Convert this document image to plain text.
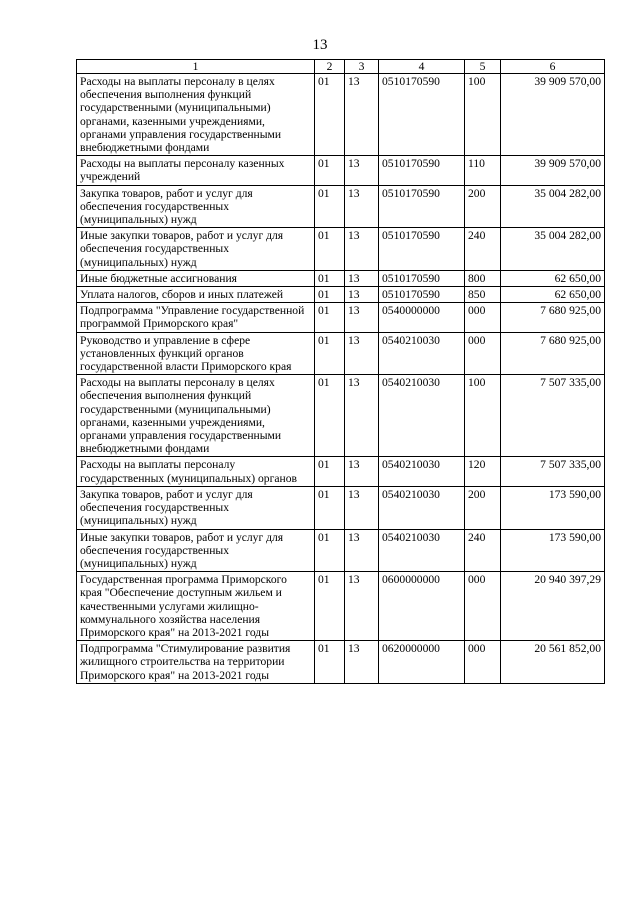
13
1	2	3	4	5	6
Расходы на выплаты персоналу в целях обеспечения выполнения функций государственными (муниципальными) органами, казенными учреждениями, органами управления государственными внебюджетными фондами	01	13	0510170590	100	39 909 570,00
Расходы на выплаты персоналу казенных учреждений	01	13	0510170590	110	39 909 570,00
Закупка товаров, работ и услуг для обеспечения государственных (муниципальных) нужд	01	13	0510170590	200	35 004 282,00
Иные закупки товаров, работ и услуг для обеспечения государственных (муниципальных) нужд	01	13	0510170590	240	35 004 282,00
Иные бюджетные ассигнования	01	13	0510170590	800	62 650,00
Уплата налогов, сборов и иных платежей	01	13	0510170590	850	62 650,00
Подпрограмма "Управление государственной программой Приморского края"	01	13	0540000000	000	7 680 925,00
Руководство и управление в сфере установленных функций органов государственной власти Приморского края	01	13	0540210030	000	7 680 925,00
Расходы на выплаты персоналу в целях обеспечения выполнения функций государственными (муниципальными) органами, казенными учреждениями, органами управления государственными внебюджетными фондами	01	13	0540210030	100	7 507 335,00
Расходы на выплаты персоналу государственных (муниципальных) органов	01	13	0540210030	120	7 507 335,00
Закупка товаров, работ и услуг для обеспечения государственных (муниципальных) нужд	01	13	0540210030	200	173 590,00
Иные закупки товаров, работ и услуг для обеспечения государственных (муниципальных) нужд	01	13	0540210030	240	173 590,00
Государственная программа Приморского края "Обеспечение доступным жильем и качественными услугами жилищно-коммунального хозяйства населения Приморского края" на 2013-2021 годы	01	13	0600000000	000	20 940 397,29
Подпрограмма "Стимулирование развития жилищного строительства на территории Приморского края" на 2013-2021 годы	01	13	0620000000	000	20 561 852,00
